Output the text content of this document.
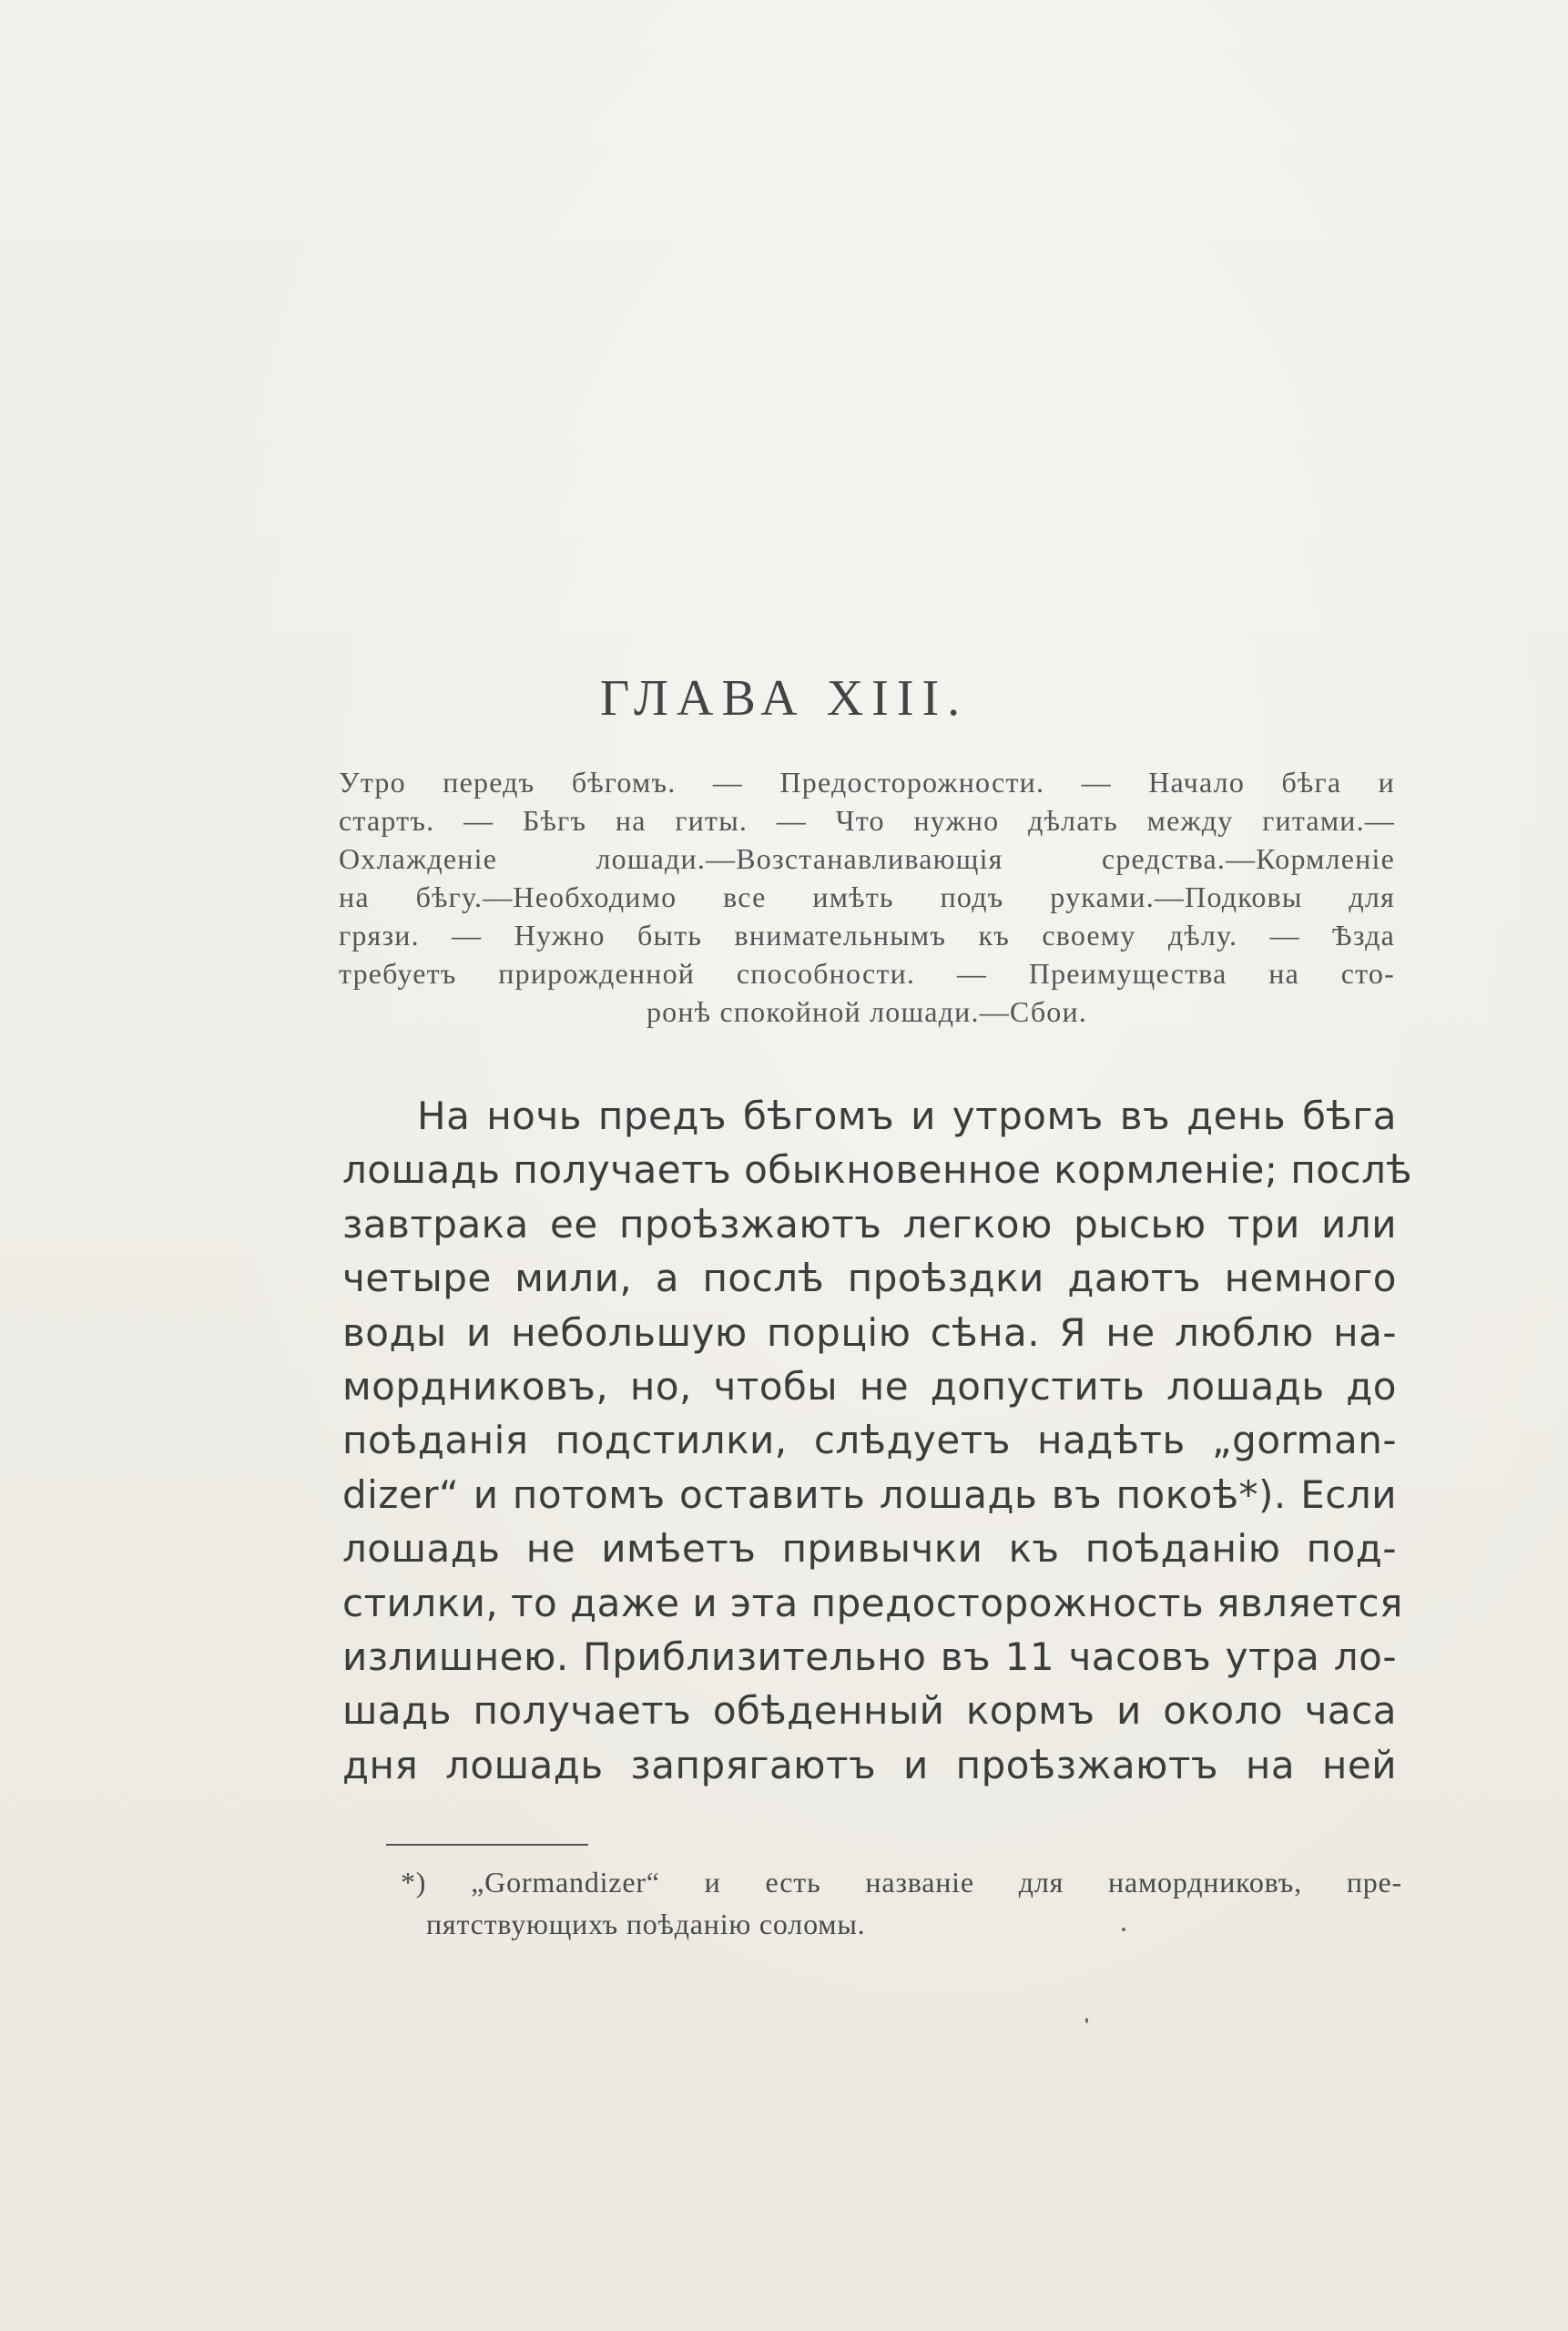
ГЛАВА XIII.
Утро передъ бѣгомъ. — Предосторожности. — Начало бѣга и
стартъ. — Бѣгъ на гиты. — Что нужно дѣлать между гитами.—
Охлажденіе лошади.—Возстанавливающія средства.—Кормленіе
на бѣгу.—Необходимо все имѣть подъ руками.—Подковы для
грязи. — Нужно быть внимательнымъ къ своему дѣлу. — Ѣзда
требуетъ прирожденной способности. — Преимущества на сто-
ронѣ спокойной лошади.—Сбои.
На ночь предъ бѣгомъ и утромъ въ день бѣга
лошадь получаетъ обыкновенное кормленіе; послѣ
завтрака ее проѣзжаютъ легкою рысью три или
четыре мили, а послѣ проѣздки даютъ немного
воды и небольшую порцію сѣна. Я не люблю на-
мордниковъ, но, чтобы не допустить лошадь до
поѣданія подстилки, слѣдуетъ надѣть „gorman-
dizer“ и потомъ оставить лошадь въ покоѣ*). Если
лошадь не имѣетъ привычки къ поѣданію под-
стилки, то даже и эта предосторожность является
излишнею. Приблизительно въ 11 часовъ утра ло-
шадь получаетъ обѣденный кормъ и около часа
дня лошадь запрягаютъ и проѣзжаютъ на ней
*) „Gormandizer“ и есть названіе для намордниковъ, пре-
пятствующихъ поѣданію соломы.
